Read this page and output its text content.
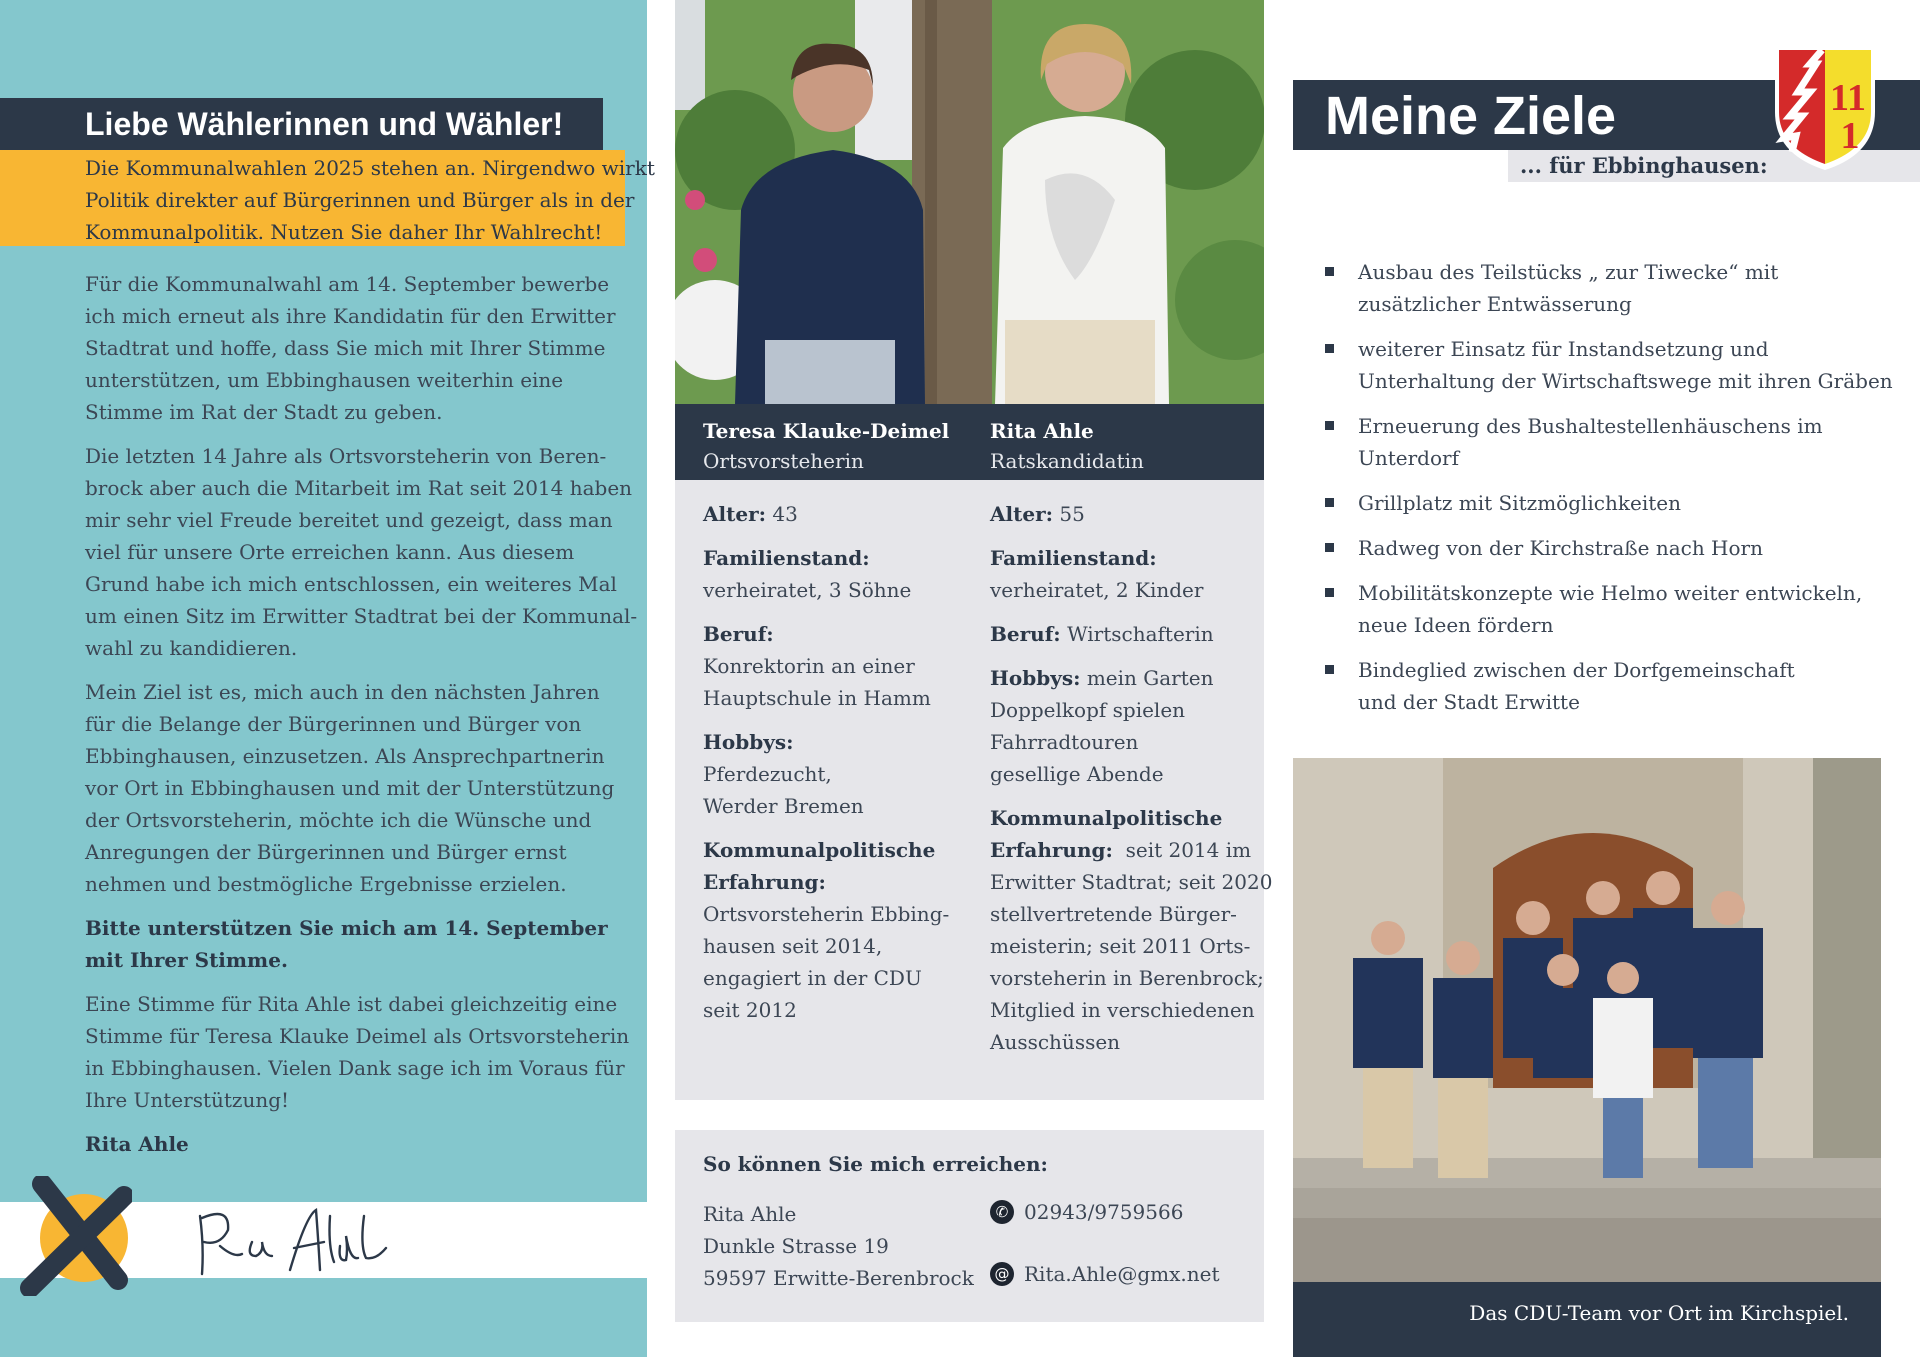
Liebe Wählerinnen und Wähler!

Die Kommunalwahlen 2025 stehen an. Nirgendwo wirkt

Politik direkter auf Bürgerinnen und Bürger als in der

Kommunalpolitik. Nutzen Sie daher Ihr Wahlrecht!

Für die Kommunalwahl am 14. September bewerbe
ich mich erneut als ihre Kandidatin für den Erwitter
Stadtrat und hoffe, dass Sie mich mit Ihrer Stimme
unterstützen, um Ebbinghausen weiterhin eine
Stimme im Rat der Stadt zu geben.

Die letzten 14 Jahre als Ortsvorsteherin von Beren-
brock aber auch die Mitarbeit im Rat seit 2014 haben
mir sehr viel Freude bereitet und gezeigt, dass man
viel für unsere Orte erreichen kann. Aus diesem
Grund habe ich mich entschlossen, ein weiteres Mal
um einen Sitz im Erwitter Stadtrat bei der Kommunal-
wahl zu kandidieren.

Mein Ziel ist es, mich auch in den nächsten Jahren
für die Belange der Bürgerinnen und Bürger von
Ebbinghausen, einzusetzen. Als Ansprechpartnerin
vor Ort in Ebbinghausen und mit der Unterstützung
der Ortsvorsteherin, möchte ich die Wünsche und
Anregungen der Bürgerinnen und Bürger ernst
nehmen und bestmögliche Ergebnisse erzielen.

Bitte unterstützen Sie mich am 14. September
mit Ihrer Stimme.

Eine Stimme für Rita Ahle ist dabei gleichzeitig eine
Stimme für Teresa Klauke Deimel als Ortsvorsteherin
in Ebbinghausen. Vielen Dank sage ich im Voraus für
Ihre Unterstützung!

Rita Ahle

Teresa Klauke-Deimel
Ortsvorsteherin
Rita Ahle
Ratskandidatin

Alter: 43

Familienstand:
verheiratet, 3 Söhne

Beruf:
Konrektorin an einer
Hauptschule in Hamm

Hobbys:
Pferdezucht,
Werder Bremen

Kommunalpolitische
Erfahrung:
Ortsvorsteherin Ebbing-
hausen seit 2014,
engagiert in der CDU
seit 2012

Alter: 55

Familienstand:
verheiratet, 2 Kinder

Beruf: Wirtschafterin

Hobbys: mein Garten
Doppelkopf spielen
Fahrradtouren
gesellige Abende

Kommunalpolitische
Erfahrung: seit 2014 im
Erwitter Stadtrat; seit 2020
stellvertretende Bürger-
meisterin; seit 2011 Orts-
vorsteherin in Berenbrock;
Mitglied in verschiedenen
Ausschüssen

So können Sie mich erreichen:

Rita Ahle

Dunkle Strasse 19

59597 Erwitte-Berenbrock

✆ 02943/9759566
@ Rita.Ahle@gmx.net
Meine Ziele
... für Ebbinghausen:
11
1
Ausbau des Teilstücks „ zur Tiwecke“ mit
zusätzlicher Entwässerung
weiterer Einsatz für Instandsetzung und
Unterhaltung der Wirtschaftswege mit ihren Gräben
Erneuerung des Bushaltestellenhäuschens im
Unterdorf
Grillplatz mit Sitzmöglichkeiten
Radweg von der Kirchstraße nach Horn
Mobilitätskonzepte wie Helmo weiter entwickeln,
neue Ideen fördern
Bindeglied zwischen der Dorfgemeinschaft
und der Stadt Erwitte
Das CDU-Team vor Ort im Kirchspiel.
